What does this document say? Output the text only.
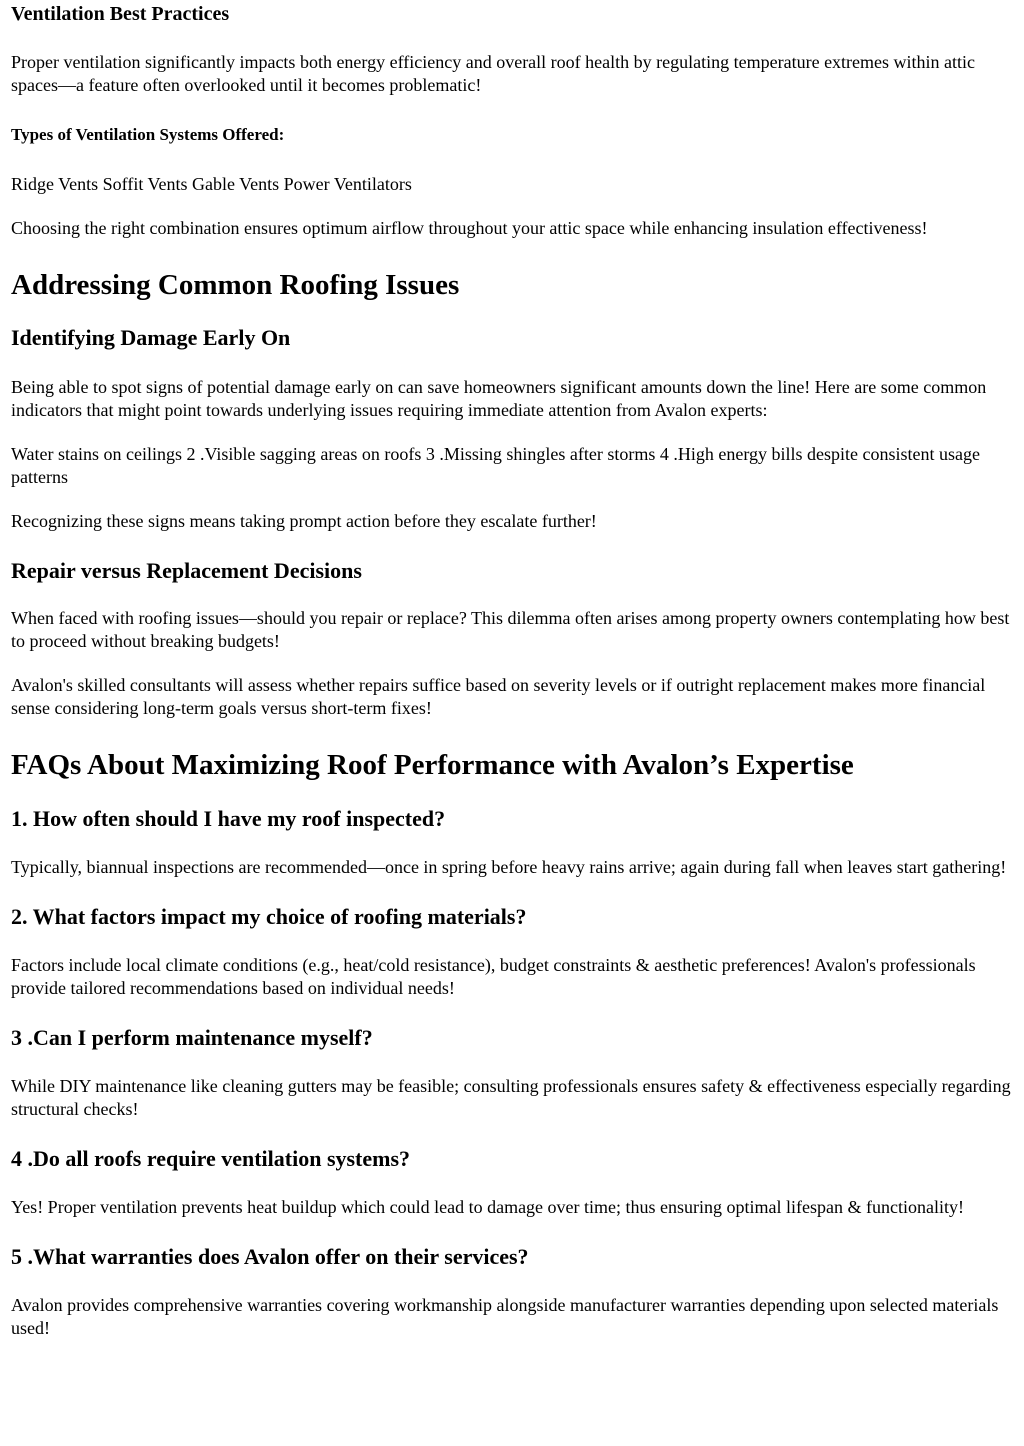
Ventilation Best Practices

Proper ventilation significantly impacts both energy efficiency and overall roof health by regulating temperature extremes within attic spaces—a feature often overlooked until it becomes problematic!

Types of Ventilation Systems Offered:

Ridge Vents Soffit Vents Gable Vents Power Ventilators

Choosing the right combination ensures optimum airflow throughout your attic space while enhancing insulation effectiveness!

Addressing Common Roofing Issues
Identifying Damage Early On

Being able to spot signs of potential damage early on can save homeowners significant amounts down the line! Here are some common indicators that might point towards underlying issues requiring immediate attention from Avalon experts:

Water stains on ceilings 2 .Visible sagging areas on roofs 3 .Missing shingles after storms 4 .High energy bills despite consistent usage patterns

Recognizing these signs means taking prompt action before they escalate further!

Repair versus Replacement Decisions

When faced with roofing issues—should you repair or replace? This dilemma often arises among property owners contemplating how best to proceed without breaking budgets!

Avalon's skilled consultants will assess whether repairs suffice based on severity levels or if outright replacement makes more financial sense considering long-term goals versus short-term fixes!

FAQs About Maximizing Roof Performance with Avalon’s Expertise
1. How often should I have my roof inspected?

Typically, biannual inspections are recommended—once in spring before heavy rains arrive; again during fall when leaves start gathering!

2. What factors impact my choice of roofing materials?

Factors include local climate conditions (e.g., heat/cold resistance), budget constraints & aesthetic preferences! Avalon's professionals provide tailored recommendations based on individual needs!

3 .Can I perform maintenance myself?

While DIY maintenance like cleaning gutters may be feasible; consulting professionals ensures safety & effectiveness especially regarding structural checks!

4 .Do all roofs require ventilation systems?

Yes! Proper ventilation prevents heat buildup which could lead to damage over time; thus ensuring optimal lifespan & functionality!

5 .What warranties does Avalon offer on their services?

Avalon provides comprehensive warranties covering workmanship alongside manufacturer warranties depending upon selected materials used!
